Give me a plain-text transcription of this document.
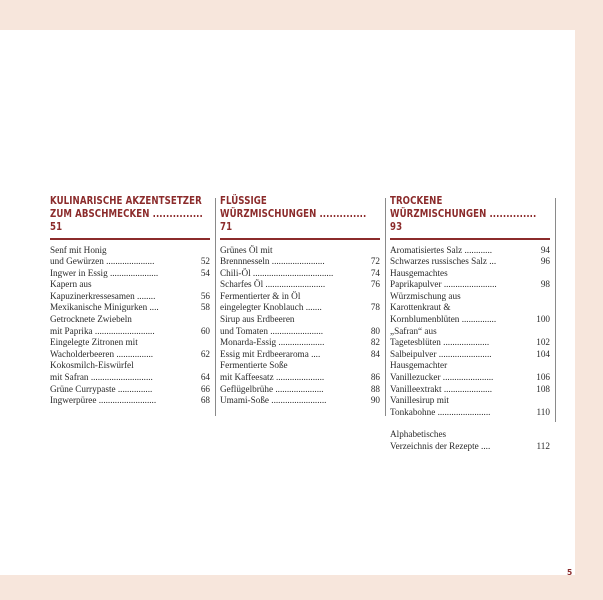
KULINARISCHE AKZENTSETZER
ZUM ABSCHMECKEN ............... 51
Senf mit Honig
und Gewürzen .....................	52
Ingwer in Essig .....................	54
Kapern aus
Kapuzinerkressesamen ........	56
Mexikanische Minigurken ....	58
Getrocknete Zwiebeln
mit Paprika ..........................	60
Eingelegte Zitronen mit
Wacholderbeeren ................	62
Kokosmilch-Eiswürfel
mit Safran ...........................	64
Grüne Currypaste ...............	66
Ingwerpüree .........................	68
FLÜSSIGE
WÜRZMISCHUNGEN .............. 71
Grünes Öl mit
Brennnesseln .......................	72
Chili-Öl ...................................	74
Scharfes Öl ..........................	76
Fermentierter & in Öl
eingelegter Knoblauch .......	78
Sirup aus Erdbeeren
und Tomaten .......................	80
Monarda-Essig ....................	82
Essig mit Erdbeeraroma ....	84
Fermentierte Soße
mit Kaffeesatz .....................	86
Geflügelbrühe .....................	88
Umami-Soße ........................	90
TROCKENE
WÜRZMISCHUNGEN .............. 93
Aromatisiertes Salz ............	94
Schwarzes russisches Salz ...	96
Hausgemachtes
Paprikapulver .......................	98
Würzmischung aus
Karottenkraut &
Kornblumenblüten ...............	100
„Safran“ aus
Tagetesblüten ....................	102
Salbeipulver .......................	104
Hausgemachter
Vanillezucker ......................	106
Vanilleextrakt .....................	108
Vanillesirup mit
Tonkabohne .......................	110
Alphabetisches
Verzeichnis der Rezepte ....	112
5
